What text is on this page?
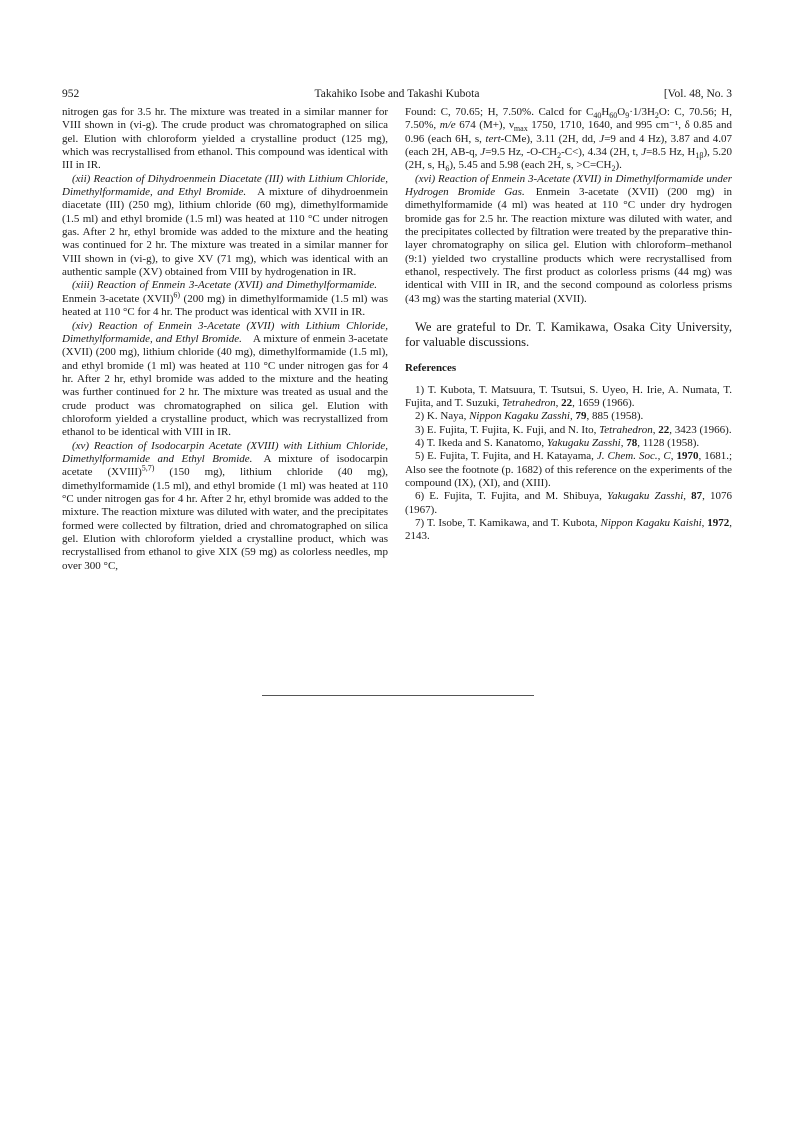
952	Takahiko Isobe and Takashi Kubota	[Vol. 48, No. 3

nitrogen gas for 3.5 hr. The mixture was treated in a similar manner for VIII shown in (vi-g). The crude product was chromatographed on silica gel. Elution with chloroform yielded a crystalline product (125 mg), which was recrystallised from ethanol. This compound was identical with III in IR.

(xii) Reaction of Dihydroenmein Diacetate (III) with Lithium Chloride, Dimethylformamide, and Ethyl Bromide.  A mixture of dihydroenmein diacetate (III) (250 mg), lithium chloride (60 mg), dimethylformamide (1.5 ml) and ethyl bromide (1.5 ml) was heated at 110 °C under nitrogen gas. After 2 hr, ethyl bromide was added to the mixture and the heating was continued for 2 hr. The mixture was treated in a similar manner for VIII shown in (vi-g), to give XV (71 mg), which was identical with an authentic sample (XV) obtained from VIII by hydrogenation in IR.

(xiii) Reaction of Enmein 3-Acetate (XVII) and Dimethylformamide. Enmein 3-acetate (XVII)$^{6)}$ (200 mg) in dimethylformamide (1.5 ml) was heated at 110 °C for 4 hr. The product was identical with XVII in IR.

(xiv) Reaction of Enmein 3-Acetate (XVII) with Lithium Chloride, Dimethylformamide, and Ethyl Bromide.  A mixture of enmein 3-acetate (XVII) (200 mg), lithium chloride (40 mg), dimethylformamide (1.5 ml), and ethyl bromide (1 ml) was heated at 110 °C under nitrogen gas for 4 hr. After 2 hr, ethyl bromide was added to the mixture and the heating was further continued for 2 hr. The mixture was treated as usual and the crude product was chromatographed on silica gel. Elution with chloroform yielded a crystalline product, which was recrystallized from ethanol to be identical with VIII in IR.

(xv) Reaction of Isodocarpin Acetate (XVIII) with Lithium Chloride, Dimethylformamide and Ethyl Bromide.  A mixture of isodocarpin acetate (XVIII)$^{5,7)}$ (150 mg), lithium chloride (40 mg), dimethylformamide (1.5 ml), and ethyl bromide (1 ml) was heated at 110 °C under nitrogen gas for 4 hr. After 2 hr, ethyl bromide was added to the mixture. The reaction mixture was diluted with water, and the precipitates formed were collected by filtration, dried and chromatographed on silica gel. Elution with chloroform yielded a crystalline product, which was recrystallised from ethanol to give XIX (59 mg) as colorless needles, mp over 300 °C,

Found: C, 70.65; H, 7.50%. Calcd for $C_{40}H_{60}O_9\cdot 1/3H_2O$: C, 70.56; H, 7.50%, m/e 674 (M+), $\nu_{max}$ 1750, 1710, 1640, and 995 cm⁻¹, δ 0.85 and 0.96 (each 6H, s, tert-CMe), 3.11 (2H, dd, J=9 and 4 Hz), 3.87 and 4.07 (each 2H, AB-q, J=9.5 Hz, $-O-CH_2-C<$), 4.34 (2H, t, J=8.5 Hz, $H_{1\beta}$), 5.20 (2H, s, $H_6$), 5.45 and 5.98 (each 2H, s, $>C=CH_2$).

(xvi) Reaction of Enmein 3-Acetate (XVII) in Dimethylformamide under Hydrogen Bromide Gas.  Enmein 3-acetate (XVII) (200 mg) in dimethylformamide (4 ml) was heated at 110 °C under dry hydrogen bromide gas for 2.5 hr. The reaction mixture was diluted with water, and the precipitates collected by filtration were treated by the preparative thin-layer chromatography on silica gel. Elution with chloroform–methanol (9:1) yielded two crystalline products which were recrystallised from ethanol, respectively. The first product as colorless prisms (44 mg) was identical with VIII in IR, and the second compound as colorless prisms (43 mg) was the starting material (XVII).

We are grateful to Dr. T. Kamikawa, Osaka City University, for valuable discussions.

References

1) T. Kubota, T. Matsuura, T. Tsutsui, S. Uyeo, H. Irie, A. Numata, T. Fujita, and T. Suzuki, Tetrahedron, 22, 1659 (1966).

2) K. Naya, Nippon Kagaku Zasshi, 79, 885 (1958).

3) E. Fujita, T. Fujita, K. Fuji, and N. Ito, Tetrahedron, 22, 3423 (1966).

4) T. Ikeda and S. Kanatomo, Yakugaku Zasshi, 78, 1128 (1958).

5) E. Fujita, T. Fujita, and H. Katayama, J. Chem. Soc., C, 1970, 1681.; Also see the footnote (p. 1682) of this reference on the experiments of the compound (IX), (XI), and (XIII).

6) E. Fujita, T. Fujita, and M. Shibuya, Yakugaku Zasshi, 87, 1076 (1967).

7) T. Isobe, T. Kamikawa, and T. Kubota, Nippon Kagaku Kaishi, 1972, 2143.
